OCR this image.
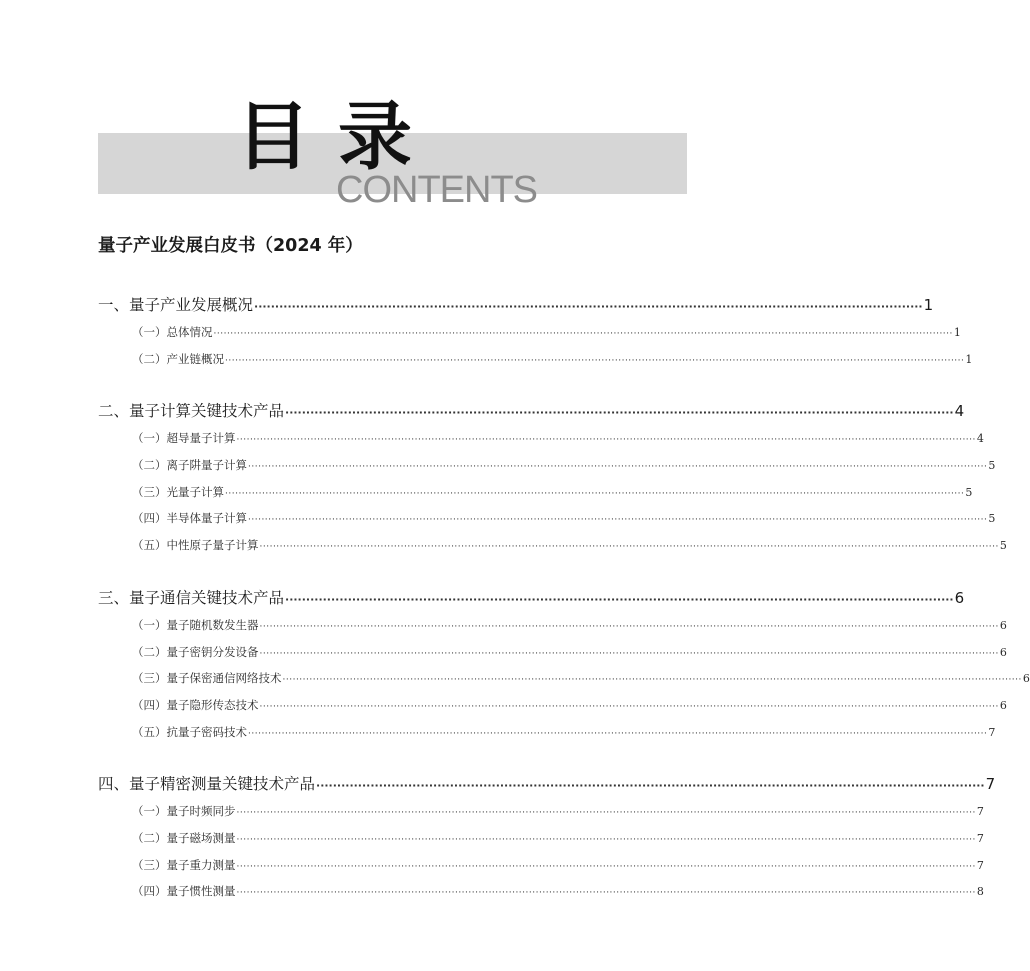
目录
CONTENTS
量子产业发展白皮书（2024 年）
一、量子产业发展概况 ································································································································································ 1
（一）总体情况 ···························································································································································································································· 1
（二）产业链概况 ···························································································································································································································· 1
二、量子计算关键技术产品 ································································································································································ 4
（一）超导量子计算 ···························································································································································································································· 4
（二）离子阱量子计算 ···························································································································································································································· 5
（三）光量子计算 ···························································································································································································································· 5
（四）半导体量子计算 ···························································································································································································································· 5
（五）中性原子量子计算 ···························································································································································································································· 5
三、量子通信关键技术产品 ································································································································································ 6
（一）量子随机数发生器 ···························································································································································································································· 6
（二）量子密钥分发设备 ···························································································································································································································· 6
（三）量子保密通信网络技术 ···························································································································································································································· 6
（四）量子隐形传态技术 ···························································································································································································································· 6
（五）抗量子密码技术 ···························································································································································································································· 7
四、量子精密测量关键技术产品 ································································································································································ 7
（一）量子时频同步 ···························································································································································································································· 7
（二）量子磁场测量 ···························································································································································································································· 7
（三）量子重力测量 ···························································································································································································································· 7
（四）量子惯性测量 ···························································································································································································································· 8
